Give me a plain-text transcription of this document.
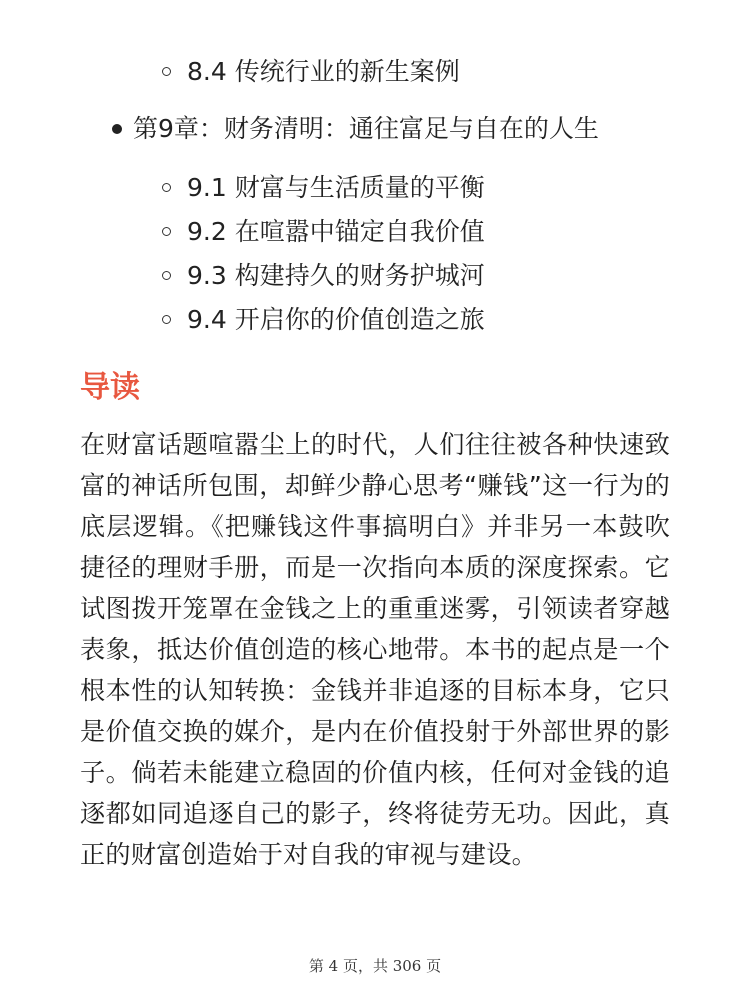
8.4 传统行业的新生案例
第9章：财务清明：通往富足与自在的人生
9.1 财富与生活质量的平衡
9.2 在喧嚣中锚定自我价值
9.3 构建持久的财务护城河
9.4 开启你的价值创造之旅
导读

在财富话题喧嚣尘上的时代，人们往往被各种快速致富的神话所包围，却鲜少静心思考“赚钱”这一行为的底层逻辑。《把赚钱这件事搞明白》并非另一本鼓吹捷径的理财手册，而是一次指向本质的深度探索。它试图拨开笼罩在金钱之上的重重迷雾，引领读者穿越表象，抵达价值创造的核心地带。本书的起点是一个根本性的认知转换：金钱并非追逐的目标本身，它只是价值交换的媒介，是内在价值投射于外部世界的影子。倘若未能建立稳固的价值内核，任何对金钱的追逐都如同追逐自己的影子，终将徒劳无功。因此，真正的财富创造始于对自我的审视与建设。

第 4 页，共 306 页
